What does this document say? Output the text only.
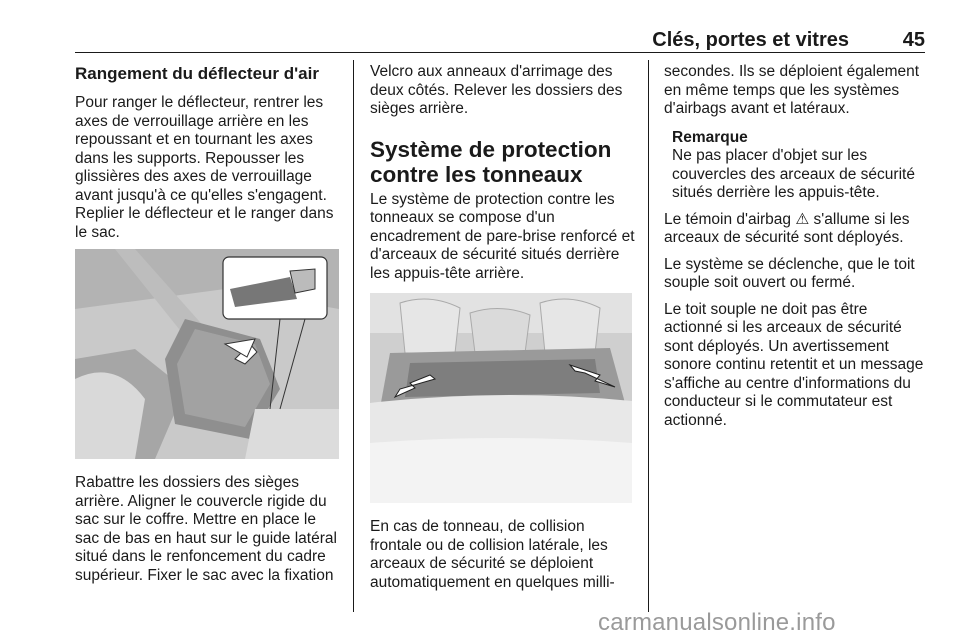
Clés, portes et vitres	45
Rangement du déflecteur d'air

Pour ranger le déflecteur, rentrer les axes de verrouillage arrière en les repoussant et en tournant les axes dans les supports. Repousser les glissières des axes de verrouillage avant jusqu'à ce qu'elles s'engagent. Replier le déflecteur et le ranger dans le sac.

Rabattre les dossiers des sièges arrière. Aligner le couvercle rigide du sac sur le coffre. Mettre en place le sac de bas en haut sur le guide latéral situé dans le renfoncement du cadre supérieur. Fixer le sac avec la fixation

Velcro aux anneaux d'arrimage des deux côtés. Relever les dossiers des sièges arrière.

Système de protection contre les tonneaux

Le système de protection contre les tonneaux se compose d'un encadrement de pare-brise renforcé et d'arceaux de sécurité situés derrière les appuis-tête arrière.

En cas de tonneau, de collision frontale ou de collision latérale, les arceaux de sécurité se déploient automatiquement en quelques milli-

secondes. Ils se déploient également en même temps que les systèmes d'airbags avant et latéraux.

Remarque

Ne pas placer d'objet sur les couvercles des arceaux de sécurité situés derrière les appuis-tête.

Le témoin d'airbag ⚠ s'allume si les arceaux de sécurité sont déployés.

Le système se déclenche, que le toit souple soit ouvert ou fermé.

Le toit souple ne doit pas être actionné si les arceaux de sécurité sont déployés. Un avertissement sonore continu retentit et un message s'affiche au centre d'informations du conducteur si le commutateur est actionné.

carmanualsonline.info
